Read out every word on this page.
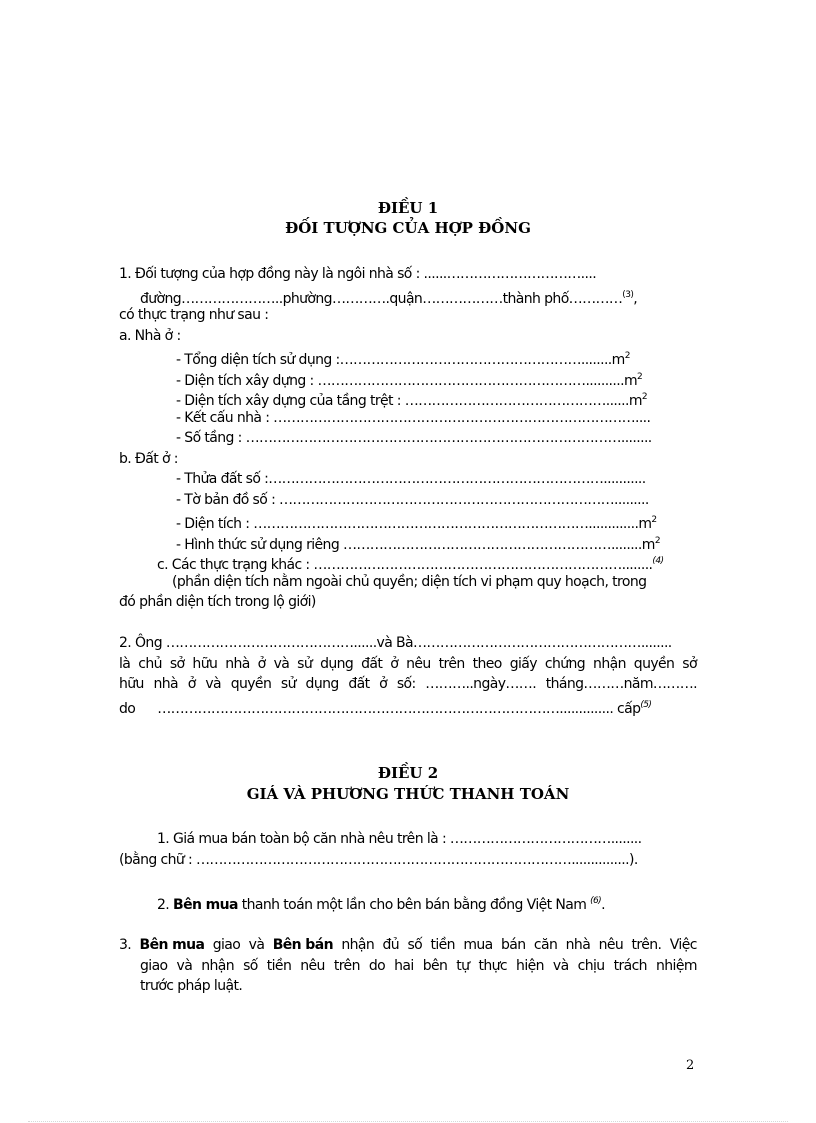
ĐIỀU 1
ĐỐI TƯỢNG CỦA HỢP ĐỒNG
1. Đối tượng của hợp đồng này là ngôi nhà số : ......…………………………....
đường…………………..phường………….quận………………thành phố…………$^{(3)}$,
có thực trạng như sau :
a. Nhà ở :
- Tổng diện tích sử dụng $:\dots\dots\dots\dots\dots\dots\dots\dots\dots\dots\dots\dots\dots\dots\dots\dots\dots\dots........m^2$
- Diện tích xây dựng : $\dots\dots\dots\dots\dots\dots\dots\dots\dots\dots\dots\dots\dots\dots\dots\dots\dots\dots\dots\dots..........m^2$
- Diện tích xây dựng của tầng trệt : $\dots\dots\dots\dots\dots\dots\dots\dots\dots\dots\dots\dots\dots\dots\dots......m^2$
- Kết cấu nhà : ………………………………………………………………………....
- Số tầng : …………………………………………………………………………........
b. Đất ở :
- Thửa đất số :…………………………………………………………………...........
- Tờ bản đồ số : ………………………………………………………………….........
- Diện tích : $\dots\dots\dots\dots\dots\dots\dots\dots\dots\dots\dots\dots\dots\dots\dots\dots\dots\dots\dots\dots\dots\dots\dots\dots\dots.............m^2$
- Hình thức sử dụng riêng $\dots\dots\dots\dots\dots\dots\dots\dots\dots\dots\dots\dots\dots\dots\dots\dots\dots\dots\dots\dots........m^2$
c. Các thực trạng khác : ……………………………………………………………........$^{(4)}$
(phần diện tích nằm ngoài chủ quyền; diện tích vi phạm quy hoạch, trong
đó phần diện tích trong lộ giới)
2. Ông ……………………………………......và Bà……………………………………………........
là chủ sở hữu nhà ở và sử dụng đất ở nêu trên theo giấy chứng nhận quyền sở
hữu nhà ở và quyền sử dụng đất ở số: ………..ngày……. tháng………năm……….
do ……………………………………………………………………………….............. cấp$^{(5)}$
ĐIỀU 2
GIÁ VÀ PHƯƠNG THỨC THANH TOÁN
1. Giá mua bán toàn bộ căn nhà nêu trên là : ………………………………........
(bằng chữ : …………………………………………………………………………...............).
2. Bên mua thanh toán một lần cho bên bán bằng đồng Việt Nam $^{(6)}$.
3. Bên mua giao và Bên bán nhận đủ số tiền mua bán căn nhà nêu trên. Việc
giao và nhận số tiền nêu trên do hai bên tự thực hiện và chịu trách nhiệm
trước pháp luật.
2
